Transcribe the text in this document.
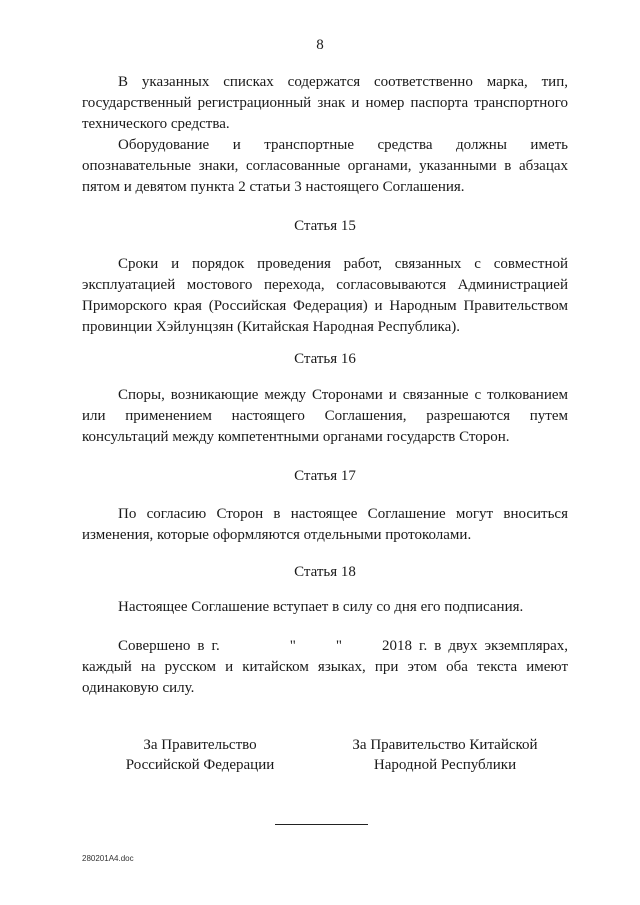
8

В указанных списках содержатся соответственно марка, тип, государственный регистрационный знак и номер паспорта транспортного технического средства.

Оборудование и транспортные средства должны иметь опознавательные знаки, согласованные органами, указанными в абзацах пятом и девятом пункта 2 статьи 3 настоящего Соглашения.

Статья 15

Сроки и порядок проведения работ, связанных с совместной эксплуатацией мостового перехода, согласовываются Администрацией Приморского края (Российская Федерация) и Народным Правительством провинции Хэйлунцзян (Китайская Народная Республика).

Статья 16

Споры, возникающие между Сторонами и связанные с толкованием или применением настоящего Соглашения, разрешаются путем консультаций между компетентными органами государств Сторон.

Статья 17

По согласию Сторон в настоящее Соглашение могут вноситься изменения, которые оформляются отдельными протоколами.

Статья 18

Настоящее Соглашение вступает в силу со дня его подписания.

Совершено в г.	"	"	2018 г. в двух экземплярах, каждый на русском и китайском языках, при этом оба текста имеют одинаковую силу.

За Правительство
Российской Федерации
За Правительство Китайской
Народной Республики
280201A4.doc
